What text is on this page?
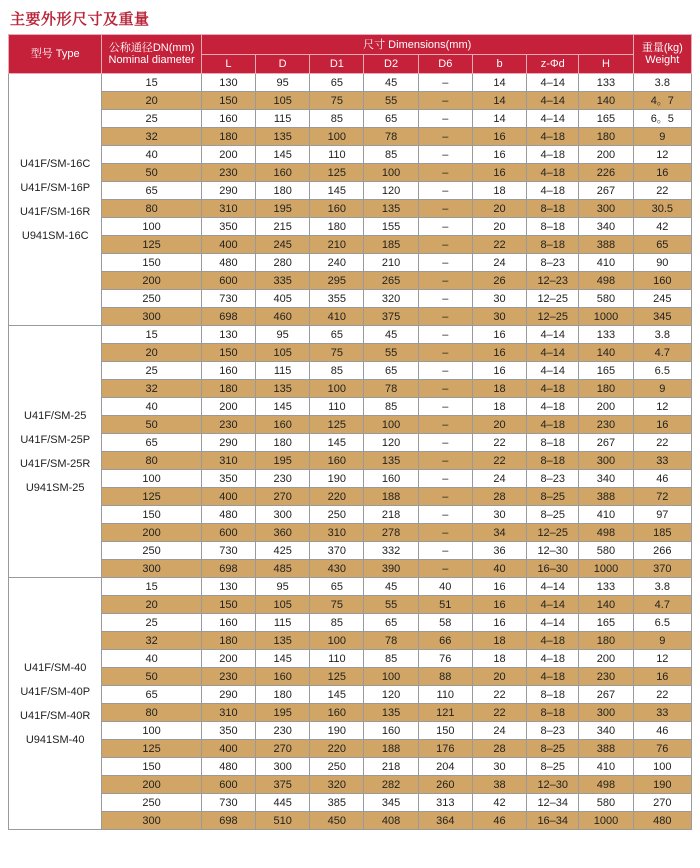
主要外形尺寸及重量
型号 Type	公称通径DN(mm)
Nominal diameter	尺寸 Dimensions(mm)								重量(kg)
Weight

		L	D	D1	D2	D6	b	z-Φd	H	

U41F/SM-16C
U41F/SM-16P
U41F/SM-16R
U941SM-16C	15	130	95	65	45	–	14	4–14	133	3.8
	20	150	105	75	55	–	14	4–14	140	4。7
	25	160	115	85	65	–	14	4–14	165	6。5
	32	180	135	100	78	–	16	4–18	180	9
	40	200	145	110	85	–	16	4–18	200	12
	50	230	160	125	100	–	16	4–18	226	16
	65	290	180	145	120	–	18	4–18	267	22
	80	310	195	160	135	–	20	8–18	300	30.5
	100	350	215	180	155	–	20	8–18	340	42
	125	400	245	210	185	–	22	8–18	388	65
	150	480	280	240	210	–	24	8–23	410	90
	200	600	335	295	265	–	26	12–23	498	160
	250	730	405	355	320	–	30	12–25	580	245
	300	698	460	410	375	–	30	12–25	1000	345

U41F/SM-25
U41F/SM-25P
U41F/SM-25R
U941SM-25	15	130	95	65	45	–	16	4–14	133	3.8
	20	150	105	75	55	–	16	4–14	140	4.7
	25	160	115	85	65	–	16	4–14	165	6.5
	32	180	135	100	78	–	18	4–18	180	9
	40	200	145	110	85	–	18	4–18	200	12
	50	230	160	125	100	–	20	4–18	230	16
	65	290	180	145	120	–	22	8–18	267	22
	80	310	195	160	135	–	22	8–18	300	33
	100	350	230	190	160	–	24	8–23	340	46
	125	400	270	220	188	–	28	8–25	388	72
	150	480	300	250	218	–	30	8–25	410	97
	200	600	360	310	278	–	34	12–25	498	185
	250	730	425	370	332	–	36	12–30	580	266
	300	698	485	430	390	–	40	16–30	1000	370

U41F/SM-40
U41F/SM-40P
U41F/SM-40R
U941SM-40	15	130	95	65	45	40	16	4–14	133	3.8
	20	150	105	75	55	51	16	4–14	140	4.7
	25	160	115	85	65	58	16	4–14	165	6.5
	32	180	135	100	78	66	18	4–18	180	9
	40	200	145	110	85	76	18	4–18	200	12
	50	230	160	125	100	88	20	4–18	230	16
	65	290	180	145	120	110	22	8–18	267	22
	80	310	195	160	135	121	22	8–18	300	33
	100	350	230	190	160	150	24	8–23	340	46
	125	400	270	220	188	176	28	8–25	388	76
	150	480	300	250	218	204	30	8–25	410	100
	200	600	375	320	282	260	38	12–30	498	190
	250	730	445	385	345	313	42	12–34	580	270
	300	698	510	450	408	364	46	16–34	1000	480
